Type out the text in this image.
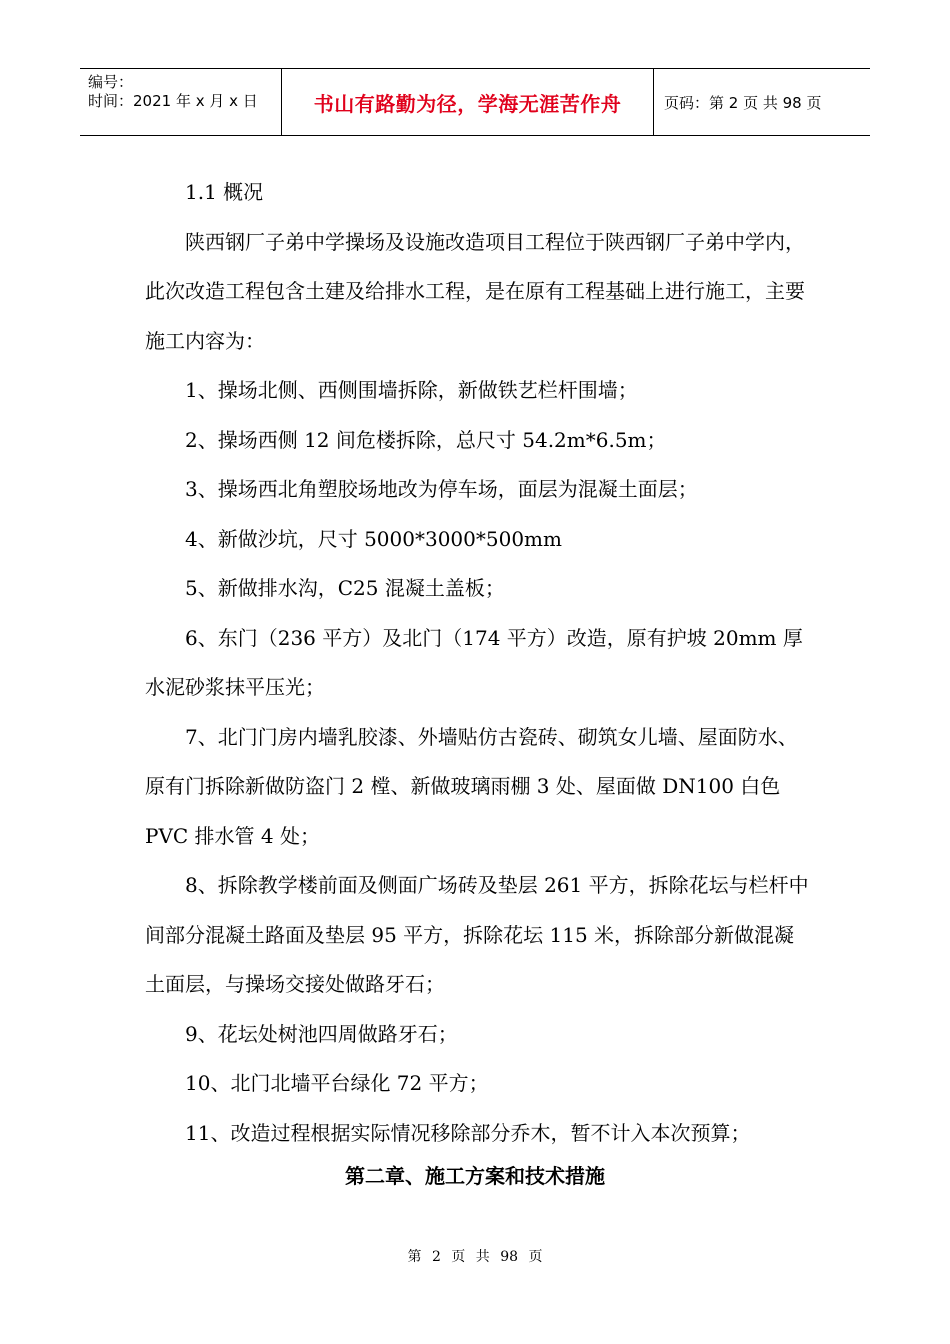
编号：
时间：2021 年 x 月 x 日	书山有路勤为径，学海无涯苦作舟	页码：第 2 页 共 98 页

1.1 概况

陕西钢厂子弟中学操场及设施改造项目工程位于陕西钢厂子弟中学内，此次改造工程包含土建及给排水工程，是在原有工程基础上进行施工，主要施工内容为：

1、操场北侧、西侧围墙拆除，新做铁艺栏杆围墙；

2、操场西侧 12 间危楼拆除，总尺寸 54.2m*6.5m；

3、操场西北角塑胶场地改为停车场，面层为混凝土面层；

4、新做沙坑，尺寸 5000*3000*500mm

5、新做排水沟，C25 混凝土盖板；

6、东门（236 平方）及北门（174 平方）改造，原有护坡 20mm 厚水泥砂浆抹平压光；

7、北门门房内墙乳胶漆、外墙贴仿古瓷砖、砌筑女儿墙、屋面防水、原有门拆除新做防盗门 2 樘、新做玻璃雨棚 3 处、屋面做 DN100 白色 PVC 排水管 4 处；

8、拆除教学楼前面及侧面广场砖及垫层 261 平方，拆除花坛与栏杆中间部分混凝土路面及垫层 95 平方，拆除花坛 115 米，拆除部分新做混凝土面层，与操场交接处做路牙石；

9、花坛处树池四周做路牙石；

10、北门北墙平台绿化 72 平方；

11、改造过程根据实际情况移除部分乔木，暂不计入本次预算；

第二章、施工方案和技术措施
第 2 页 共 98 页
